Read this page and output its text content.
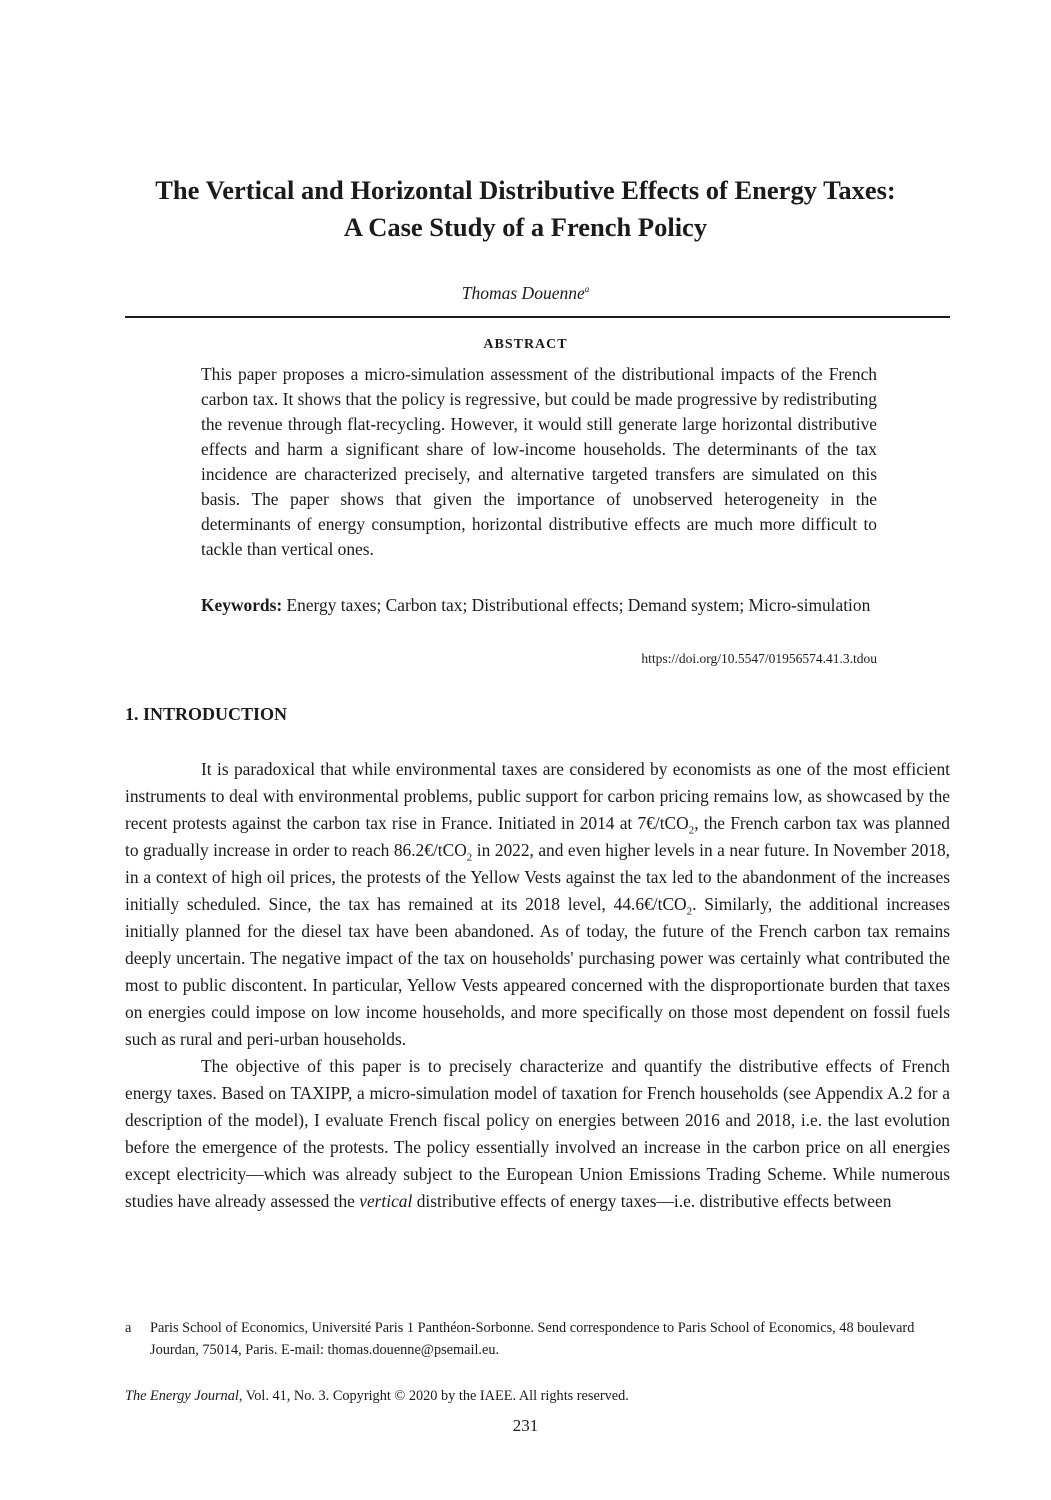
The Vertical and Horizontal Distributive Effects of Energy Taxes:
A Case Study of a French Policy
Thomas Douenne$^a$
ABSTRACT

This paper proposes a micro-simulation assessment of the distributional impacts of the French carbon tax. It shows that the policy is regressive, but could be made progressive by redistributing the revenue through flat-recycling. However, it would still generate large horizontal distributive effects and harm a significant share of low-income households. The determinants of the tax incidence are characterized precisely, and alternative targeted transfers are simulated on this basis. The paper shows that given the importance of unobserved heterogeneity in the determinants of energy consumption, horizontal distributive effects are much more difficult to tackle than vertical ones.

Keywords: Energy taxes; Carbon tax; Distributional effects; Demand system; Micro-simulation

https://doi.org/10.5547/01956574.41.3.tdou
1. INTRODUCTION

It is paradoxical that while environmental taxes are considered by economists as one of the most efficient instruments to deal with environmental problems, public support for carbon pricing remains low, as showcased by the recent protests against the carbon tax rise in France. Initiated in 2014 at 7€/tCO$_2$, the French carbon tax was planned to gradually increase in order to reach 86.2€/tCO$_2$ in 2022, and even higher levels in a near future. In November 2018, in a context of high oil prices, the protests of the Yellow Vests against the tax led to the abandonment of the increases initially scheduled. Since, the tax has remained at its 2018 level, 44.6€/tCO$_2$. Similarly, the additional increases initially planned for the diesel tax have been abandoned. As of today, the future of the French carbon tax remains deeply uncertain. The negative impact of the tax on households' purchasing power was certainly what contributed the most to public discontent. In particular, Yellow Vests appeared concerned with the disproportionate burden that taxes on energies could impose on low income households, and more specifically on those most dependent on fossil fuels such as rural and peri-urban households.

The objective of this paper is to precisely characterize and quantify the distributive effects of French energy taxes. Based on TAXIPP, a micro-simulation model of taxation for French households (see Appendix A.2 for a description of the model), I evaluate French fiscal policy on energies between 2016 and 2018, i.e. the last evolution before the emergence of the protests. The policy essentially involved an increase in the carbon price on all energies except electricity—which was already subject to the European Union Emissions Trading Scheme. While numerous studies have already assessed the vertical distributive effects of energy taxes—i.e. distributive effects between

a Paris School of Economics, Université Paris 1 Panthéon-Sorbonne. Send correspondence to Paris School of Economics, 48 boulevard Jourdan, 75014, Paris. E-mail: thomas.douenne@psemail.eu.
The Energy Journal, Vol. 41, No. 3. Copyright © 2020 by the IAEE. All rights reserved.
231
